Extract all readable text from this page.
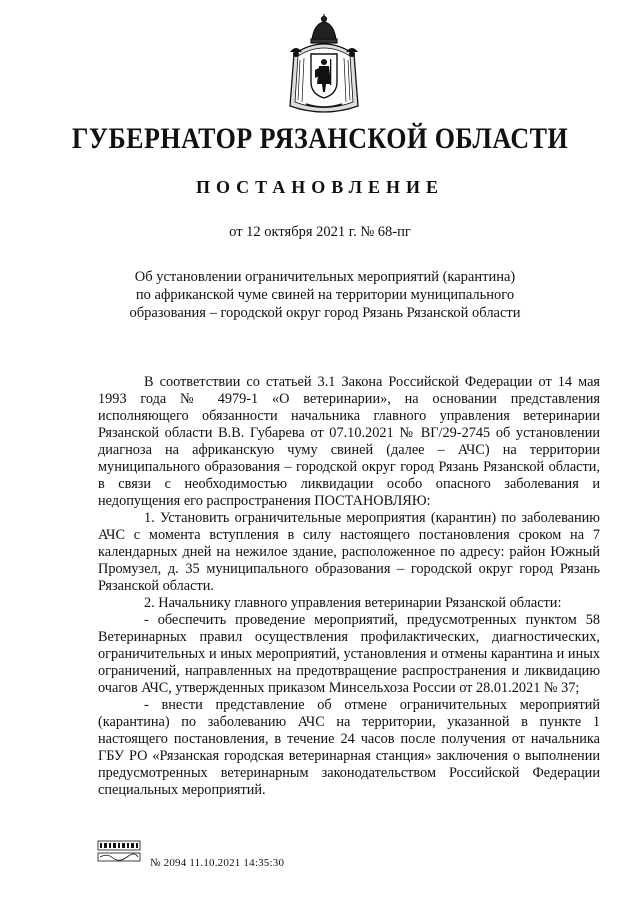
ГУБЕРНАТОР РЯЗАНСКОЙ ОБЛАСТИ
ПОСТАНОВЛЕНИЕ
от 12 октября 2021 г. № 68-пг
Об установлении ограничительных мероприятий (карантина)
по африканской чуме свиней на территории муниципального
образования – городской округ город Рязань Рязанской области

В соответствии со статьей 3.1 Закона Российской Федерации от 14 мая 1993 года № 4979-1 «О ветеринарии», на основании представления исполняющего обязанности начальника главного управления ветеринарии Рязанской области В.В. Губарева от 07.10.2021 № ВГ/29-2745 об установлении диагноза на африканскую чуму свиней (далее – АЧС) на территории муниципального образования – городской округ город Рязань Рязанской области, в связи с необходимостью ликвидации особо опасного заболевания и недопущения его распространения ПОСТАНОВЛЯЮ:

1. Установить ограничительные мероприятия (карантин) по заболеванию АЧС с момента вступления в силу настоящего постановления сроком на 7 календарных дней на нежилое здание, расположенное по адресу: район Южный Промузел, д. 35 муниципального образования – городской округ город Рязань Рязанской области.

2. Начальнику главного управления ветеринарии Рязанской области:

- обеспечить проведение мероприятий, предусмотренных пунктом 58 Ветеринарных правил осуществления профилактических, диагностических, ограничительных и иных мероприятий, установления и отмены карантина и иных ограничений, направленных на предотвращение распространения и ликвидацию очагов АЧС, утвержденных приказом Минсельхоза России от 28.01.2021 № 37;

- внести представление об отмене ограничительных мероприятий (карантина) по заболеванию АЧС на территории, указанной в пункте 1 настоящего постановления, в течение 24 часов после получения от начальника ГБУ РО «Рязанская городская ветеринарная станция» заключения о выполнении предусмотренных ветеринарным законодательством Российской Федерации специальных мероприятий.

№ 2094 11.10.2021 14:35:30
